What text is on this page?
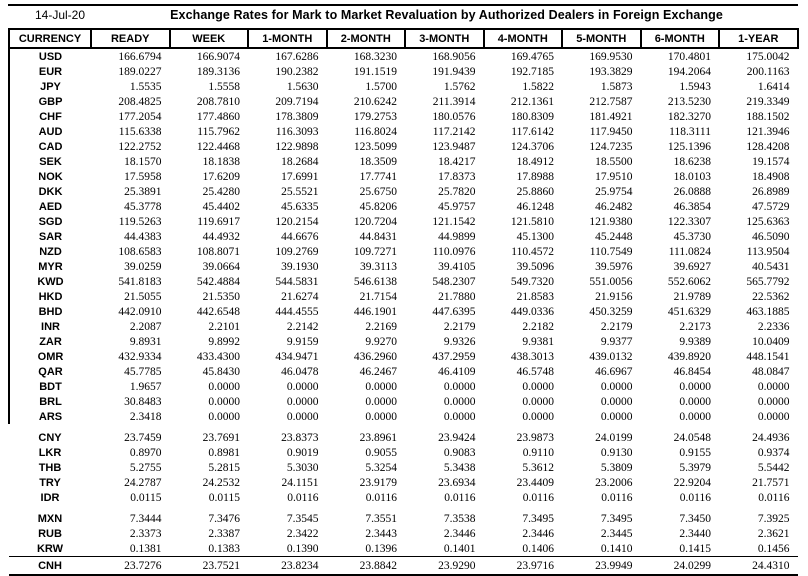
14-Jul-20	Exchange Rates for Mark to Market Revaluation by Authorized Dealers in Foreign Exchange
CURRENCY	READY	WEEK	1-MONTH	2-MONTH	3-MONTH	4-MONTH	5-MONTH	6-MONTH	1-YEAR
USD	166.6794	166.9074	167.6286	168.3230	168.9056	169.4765	169.9530	170.4801	175.0042
EUR	189.0227	189.3136	190.2382	191.1519	191.9439	192.7185	193.3829	194.2064	200.1163
JPY	1.5535	1.5558	1.5630	1.5700	1.5762	1.5822	1.5873	1.5943	1.6414
GBP	208.4825	208.7810	209.7194	210.6242	211.3914	212.1361	212.7587	213.5230	219.3349
CHF	177.2054	177.4860	178.3809	179.2753	180.0576	180.8309	181.4921	182.3270	188.1502
AUD	115.6338	115.7962	116.3093	116.8024	117.2142	117.6142	117.9450	118.3111	121.3946
CAD	122.2752	122.4468	122.9898	123.5099	123.9487	124.3706	124.7235	125.1396	128.4208
SEK	18.1570	18.1838	18.2684	18.3509	18.4217	18.4912	18.5500	18.6238	19.1574
NOK	17.5958	17.6209	17.6991	17.7741	17.8373	17.8988	17.9510	18.0103	18.4908
DKK	25.3891	25.4280	25.5521	25.6750	25.7820	25.8860	25.9754	26.0888	26.8989
AED	45.3778	45.4402	45.6335	45.8206	45.9757	46.1248	46.2482	46.3854	47.5729
SGD	119.5263	119.6917	120.2154	120.7204	121.1542	121.5810	121.9380	122.3307	125.6363
SAR	44.4383	44.4932	44.6676	44.8431	44.9899	45.1300	45.2448	45.3730	46.5090
NZD	108.6583	108.8071	109.2769	109.7271	110.0976	110.4572	110.7549	111.0824	113.9504
MYR	39.0259	39.0664	39.1930	39.3113	39.4105	39.5096	39.5976	39.6927	40.5431
KWD	541.8183	542.4884	544.5831	546.6138	548.2307	549.7320	551.0056	552.6062	565.7792
HKD	21.5055	21.5350	21.6274	21.7154	21.7880	21.8583	21.9156	21.9789	22.5362
BHD	442.0910	442.6548	444.4555	446.1901	447.6395	449.0336	450.3259	451.6329	463.1885
INR	2.2087	2.2101	2.2142	2.2169	2.2179	2.2182	2.2179	2.2173	2.2336
ZAR	9.8931	9.8992	9.9159	9.9270	9.9326	9.9381	9.9377	9.9389	10.0409
OMR	432.9334	433.4300	434.9471	436.2960	437.2959	438.3013	439.0132	439.8920	448.1541
QAR	45.7785	45.8430	46.0478	46.2467	46.4109	46.5748	46.6967	46.8454	48.0847
BDT	1.9657	0.0000	0.0000	0.0000	0.0000	0.0000	0.0000	0.0000	0.0000
BRL	30.8483	0.0000	0.0000	0.0000	0.0000	0.0000	0.0000	0.0000	0.0000
ARS	2.3418	0.0000	0.0000	0.0000	0.0000	0.0000	0.0000	0.0000	0.0000

CNY	23.7459	23.7691	23.8373	23.8961	23.9424	23.9873	24.0199	24.0548	24.4936
LKR	0.8970	0.8981	0.9019	0.9055	0.9083	0.9110	0.9130	0.9155	0.9374
THB	5.2755	5.2815	5.3030	5.3254	5.3438	5.3612	5.3809	5.3979	5.5442
TRY	24.2787	24.2532	24.1151	23.9179	23.6934	23.4409	23.2006	22.9204	21.7571
IDR	0.0115	0.0115	0.0116	0.0116	0.0116	0.0116	0.0116	0.0116	0.0116

MXN	7.3444	7.3476	7.3545	7.3551	7.3538	7.3495	7.3495	7.3450	7.3925
RUB	2.3373	2.3387	2.3422	2.3443	2.3446	2.3446	2.3445	2.3440	2.3621
KRW	0.1381	0.1383	0.1390	0.1396	0.1401	0.1406	0.1410	0.1415	0.1456
CNH	23.7276	23.7521	23.8234	23.8842	23.9290	23.9716	23.9949	24.0299	24.4310
